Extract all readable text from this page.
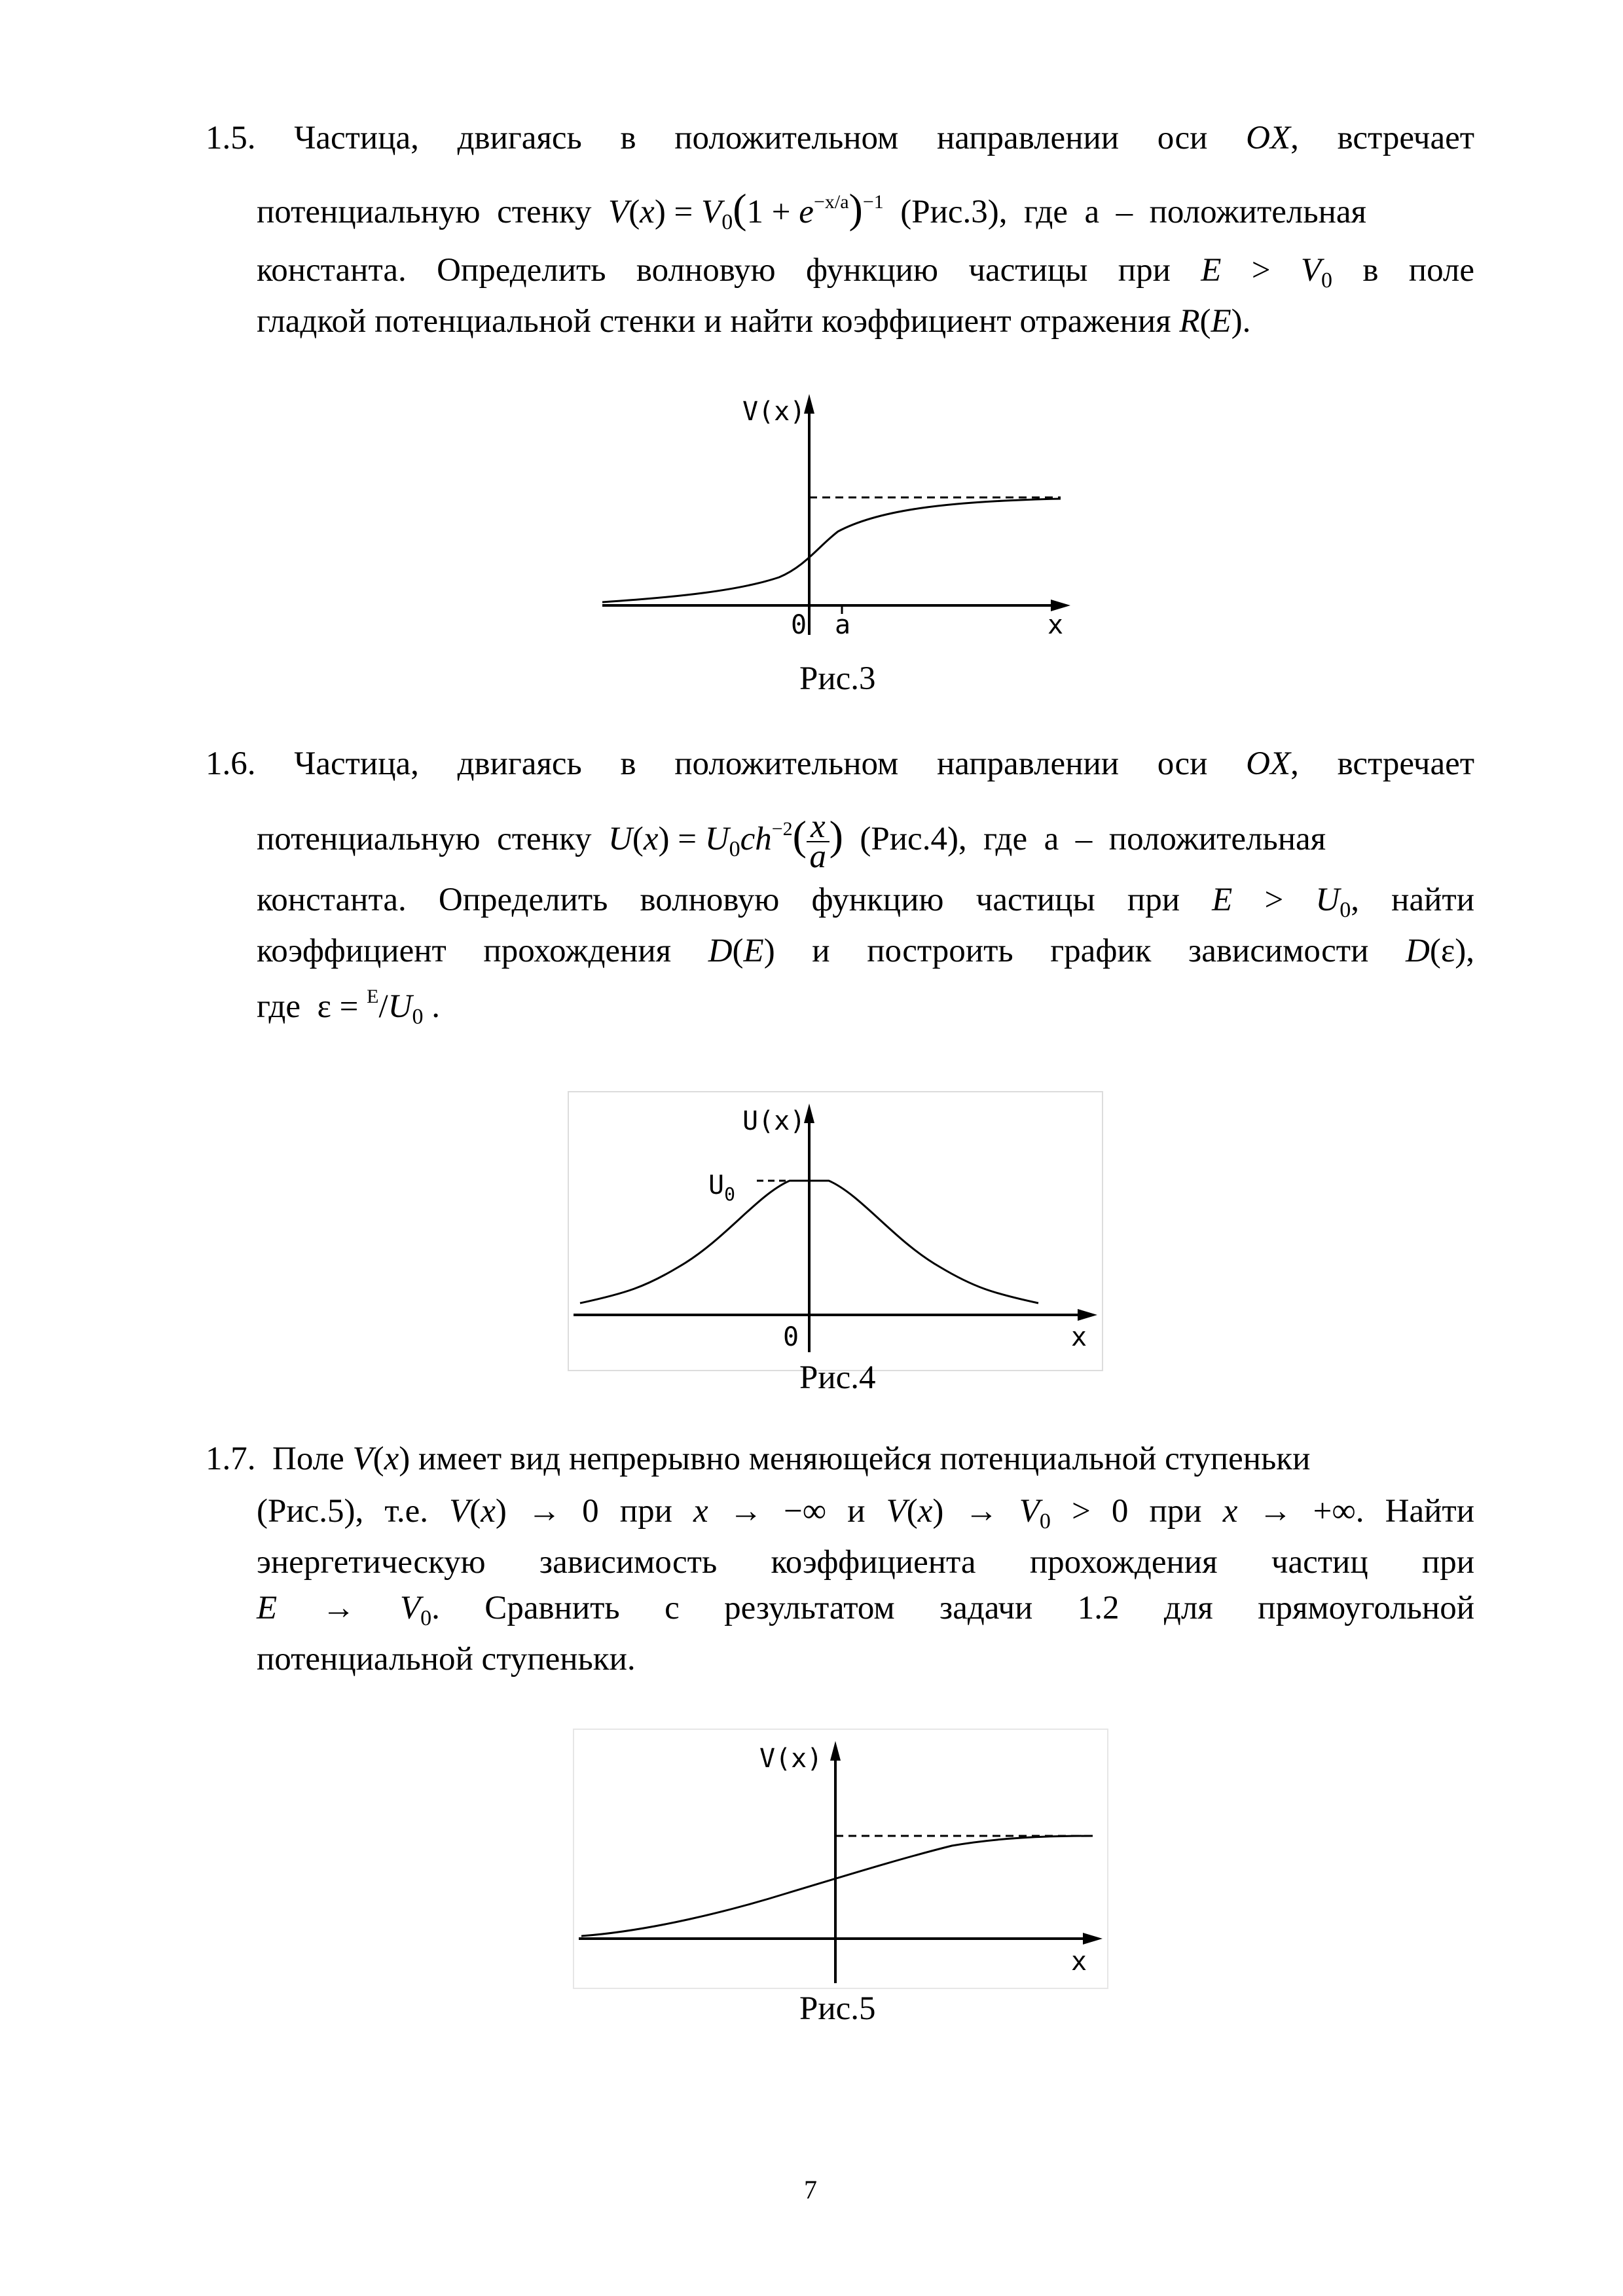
1.5. Частица, двигаясь в положительном направлении оси OX, встречает
потенциальную  стенку  $V(x) = V_0(1 + e^{-x/a})^{-1}$  (Рис.3),  где  а  –  положительная
константа. Определить волновую функцию частицы при $E > V_0$ в поле
гладкой потенциальной стенки и найти коэффициент отражения R(E).
V(x)
0 a	x
Рис.3
1.6. Частица, двигаясь в положительном направлении оси OX, встречает
потенциальную  стенку  $U(x) = U_0ch^{-2}( \frac{x}{a}$ )  (Рис.4),  где  а  –  положительная
константа. Определить волновую функцию частицы при $E > U_0$, найти
коэффициент прохождения D(E) и построить график зависимости D(ε),
где  $\varepsilon = ^E/U_0$ .
U(x)
$U_0$
0	x
Рис.4
1.7.  Поле V(x) имеет вид непрерывно меняющейся потенциальной ступеньки
(Рис.5), т.е. V(x) → 0 при x → −∞ и $V(x) \to V_0 > 0$ при x → +∞. Найти
энергетическую зависимость коэффициента прохождения частиц при
$E \to V_0$. Сравнить с результатом задачи 1.2 для прямоугольной
потенциальной ступеньки.
V(x)
x
Рис.5
7
